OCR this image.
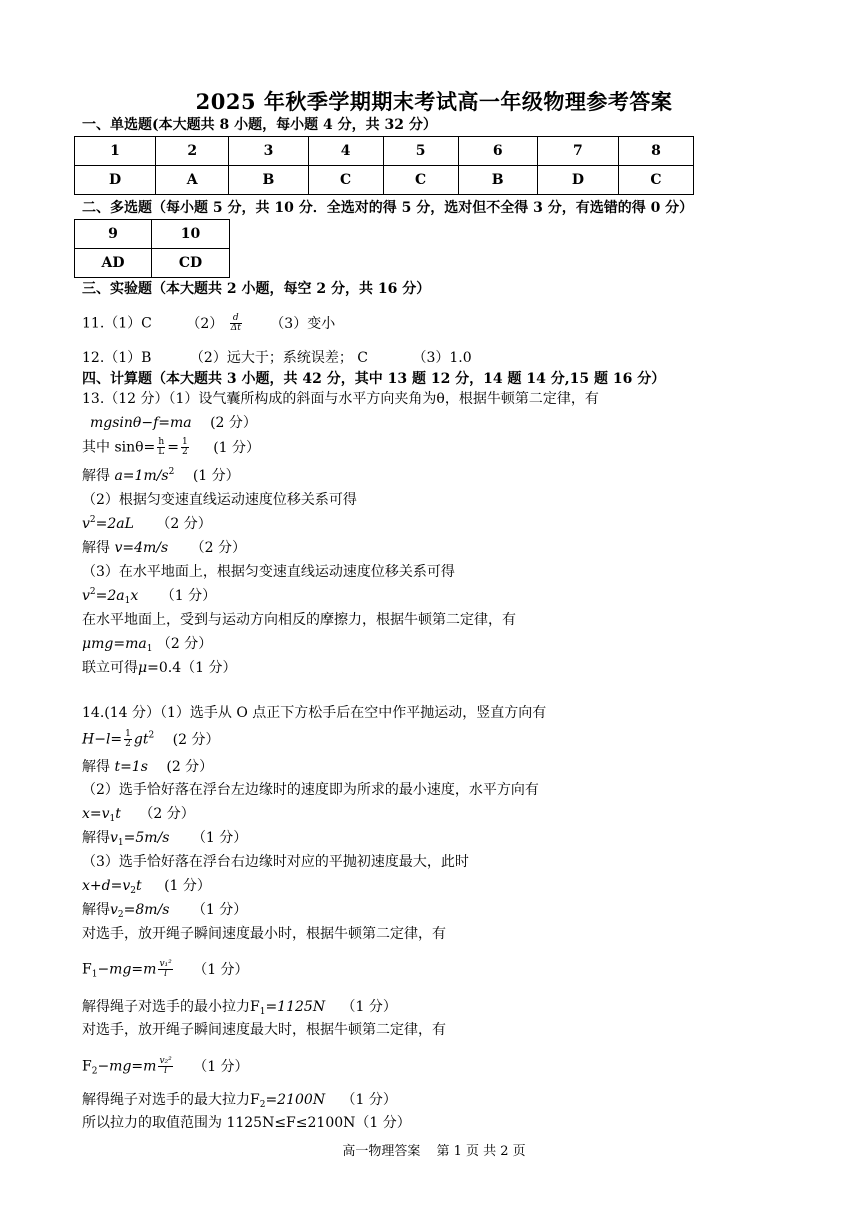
2025 年秋季学期期末考试高一年级物理参考答案
一、单选题(本大题共 8 小题，每小题 4 分，共 32 分）
1	2	3	4	5	6	7	8
D	A	B	C	C	B	D	C
二、多选题（每小题 5 分，共 10 分．全选对的得 5 分，选对但不全得 3 分，有选错的得 0 分）
9	10
AD	CD
三、实验题（本大题共 2 小题，每空 2 分，共 16 分）
11.（1）C $(2) \frac{d}{\Delta t} (3)$变小
12.（1）B	（2）远大于；系统误差； C	（3）1.0
四、计算题（本大题共 3 小题，共 42 分，其中 13 题 12 分，14 题 14 分,15 题 16 分）
13.（12 分）（1）设气囊所构成的斜面与水平方向夹角为θ，根据牛顿第二定律，有
mgsinθ−f=ma (2 分）
其中 $\sin\theta= \frac{h}{L} = \frac{1}{2} (1$ 分）
解得 $a=1m/s^2$ (1 分）
（2）根据匀变速直线运动速度位移关系可得
$v^2=2aL$ （2 分）
解得 v=4m/s （2 分）
（3）在水平地面上，根据匀变速直线运动速度位移关系可得
$v^2=2a_1x$ （1 分）
在水平地面上，受到与运动方向相反的摩擦力，根据牛顿第二定律，有
$\mu mg=ma_1$ （2 分）
联立可得μ=0.4（1 分）
14.(14 分）（1）选手从 O 点正下方松手后在空中作平抛运动，竖直方向有
$H-l= \frac{1}{2} gt^2$ (2 分）
解得 t=1s (2 分）
（2）选手恰好落在浮台左边缘时的速度即为所求的最小速度，水平方向有
$x=v_1t$ （2 分）
解得$v_1=5m/s$ （1 分）
（3）选手恰好落在浮台右边缘时对应的平抛初速度最大，此时
$x+d=v_2t$ (1 分）
解得$v_2=8m/s$ （1 分）
对选手，放开绳子瞬间速度最小时，根据牛顿第二定律，有
$F_1-mg=m \frac{\text{v₁²}}{l} (1$ 分）
解得绳子对选手的最小拉力$F_1=1125N$ （1 分）
对选手，放开绳子瞬间速度最大时，根据牛顿第二定律，有
$F_2-mg=m \frac{\text{v₂²}}{l} (1$ 分）
解得绳子对选手的最大拉力$F_2=2100N$ （1 分）
所以拉力的取值范围为 1125N≤F≤2100N（1 分）
高一物理答案 第 1 页 共 2 页
